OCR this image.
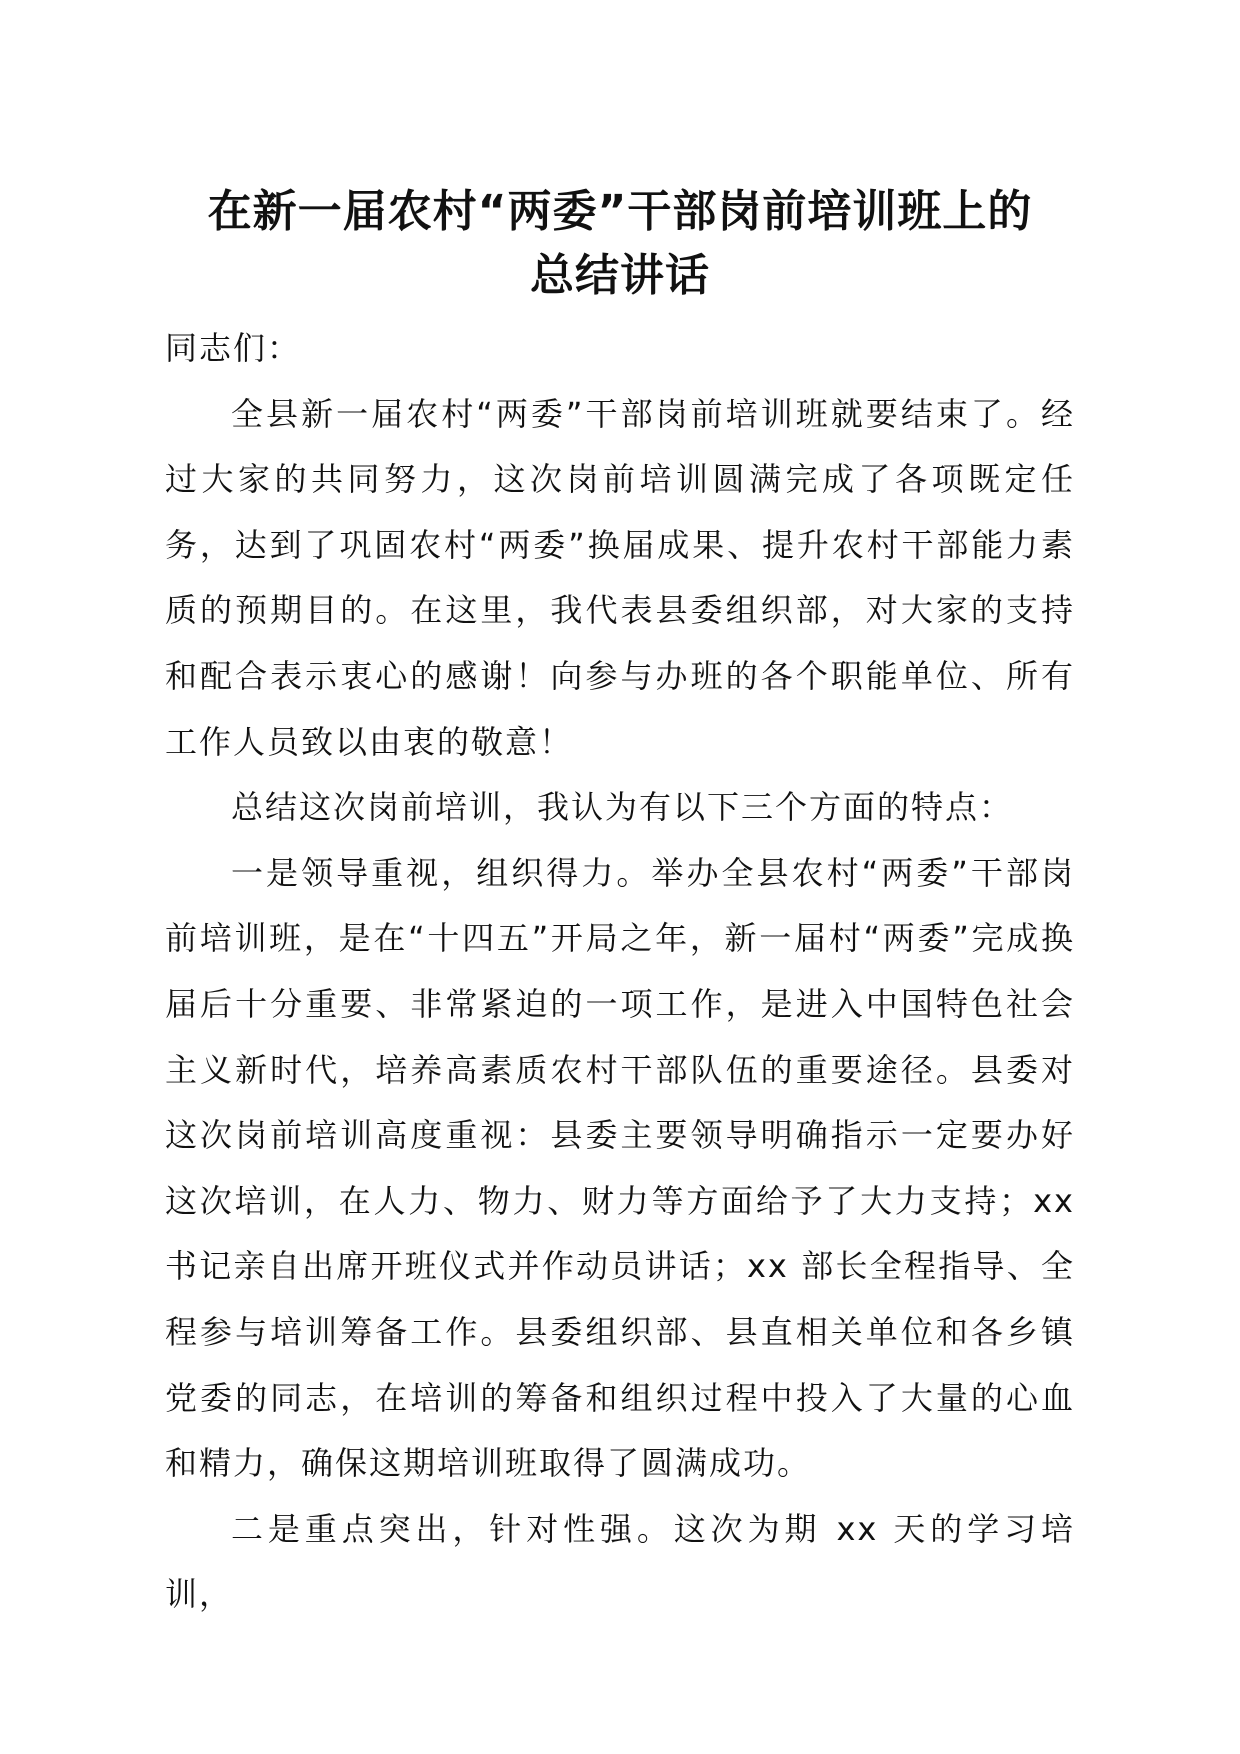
在新一届农村“两委”干部岗前培训班上的
总结讲话

同志们：

全县新一届农村“两委”干部岗前培训班就要结束了。经过大家的共同努力，这次岗前培训圆满完成了各项既定任务，达到了巩固农村“两委”换届成果、提升农村干部能力素质的预期目的。在这里，我代表县委组织部，对大家的支持和配合表示衷心的感谢！向参与办班的各个职能单位、所有工作人员致以由衷的敬意！

总结这次岗前培训，我认为有以下三个方面的特点：

一是领导重视，组织得力。举办全县农村“两委”干部岗前培训班，是在“十四五”开局之年，新一届村“两委”完成换届后十分重要、非常紧迫的一项工作，是进入中国特色社会主义新时代，培养高素质农村干部队伍的重要途径。县委对这次岗前培训高度重视：县委主要领导明确指示一定要办好这次培训，在人力、物力、财力等方面给予了大力支持；xx 书记亲自出席开班仪式并作动员讲话；xx 部长全程指导、全程参与培训筹备工作。县委组织部、县直相关单位和各乡镇党委的同志，在培训的筹备和组织过程中投入了大量的心血和精力，确保这期培训班取得了圆满成功。

二是重点突出，针对性强。这次为期 xx 天的学习培训，
